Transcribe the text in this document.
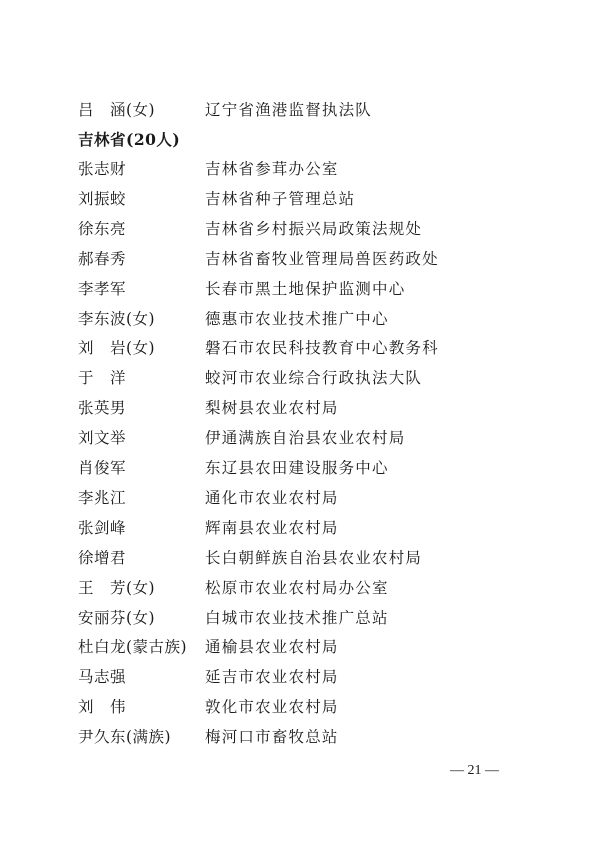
吕　涵(女)	辽宁省渔港监督执法队
吉林省(20人)
张志财	吉林省参茸办公室
刘振蛟	吉林省种子管理总站
徐东亮	吉林省乡村振兴局政策法规处
郝春秀	吉林省畜牧业管理局兽医药政处
李孝军	长春市黑土地保护监测中心
李东波(女)	德惠市农业技术推广中心
刘　岩(女)	磐石市农民科技教育中心教务科
于　洋	蛟河市农业综合行政执法大队
张英男	梨树县农业农村局
刘文举	伊通满族自治县农业农村局
肖俊军	东辽县农田建设服务中心
李兆江	通化市农业农村局
张剑峰	辉南县农业农村局
徐增君	长白朝鲜族自治县农业农村局
王　芳(女)	松原市农业农村局办公室
安丽芬(女)	白城市农业技术推广总站
杜白龙(蒙古族) 通榆县农业农村局
马志强	延吉市农业农村局
刘　伟	敦化市农业农村局
尹久东(满族) 梅河口市畜牧总站
— 21 —
